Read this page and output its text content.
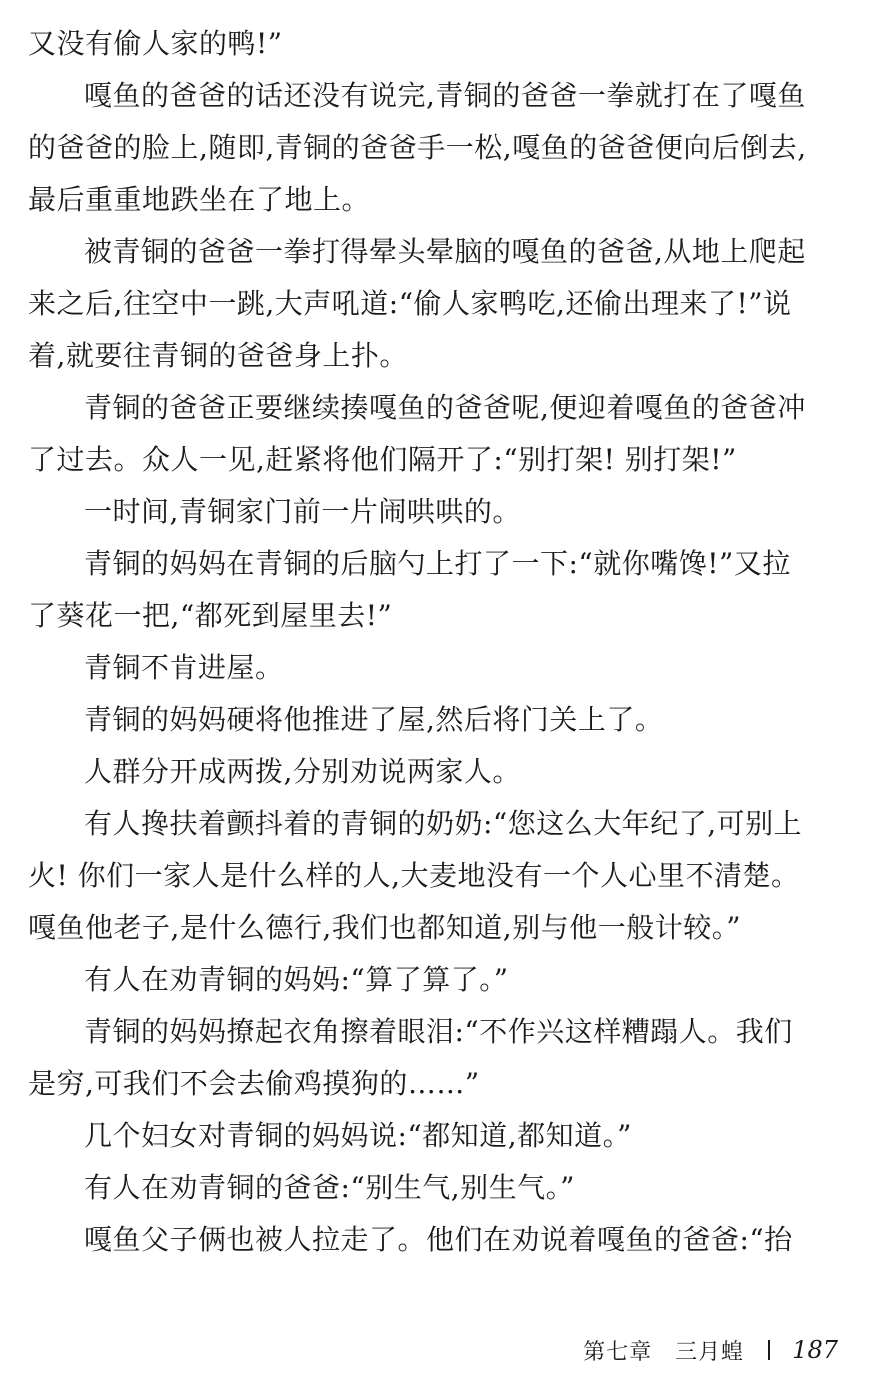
又没有偷人家的鸭!”
嘎鱼的爸爸的话还没有说完,青铜的爸爸一拳就打在了嘎鱼
的爸爸的脸上,随即,青铜的爸爸手一松,嘎鱼的爸爸便向后倒去,
最后重重地跌坐在了地上。
被青铜的爸爸一拳打得晕头晕脑的嘎鱼的爸爸,从地上爬起
来之后,往空中一跳,大声吼道:“偷人家鸭吃,还偷出理来了!”说
着,就要往青铜的爸爸身上扑。
青铜的爸爸正要继续揍嘎鱼的爸爸呢,便迎着嘎鱼的爸爸冲
了过去。众人一见,赶紧将他们隔开了:“别打架! 别打架!”
一时间,青铜家门前一片闹哄哄的。
青铜的妈妈在青铜的后脑勺上打了一下:“就你嘴馋!”又拉
了葵花一把,“都死到屋里去!”
青铜不肯进屋。
青铜的妈妈硬将他推进了屋,然后将门关上了。
人群分开成两拨,分别劝说两家人。
有人搀扶着颤抖着的青铜的奶奶:“您这么大年纪了,可别上
火! 你们一家人是什么样的人,大麦地没有一个人心里不清楚。
嘎鱼他老子,是什么德行,我们也都知道,别与他一般计较。”
有人在劝青铜的妈妈:“算了算了。”
青铜的妈妈撩起衣角擦着眼泪:“不作兴这样糟蹋人。我们
是穷,可我们不会去偷鸡摸狗的……”
几个妇女对青铜的妈妈说:“都知道,都知道。”
有人在劝青铜的爸爸:“别生气,别生气。”
嘎鱼父子俩也被人拉走了。他们在劝说着嘎鱼的爸爸:“抬
第七章　三月蝗 187
